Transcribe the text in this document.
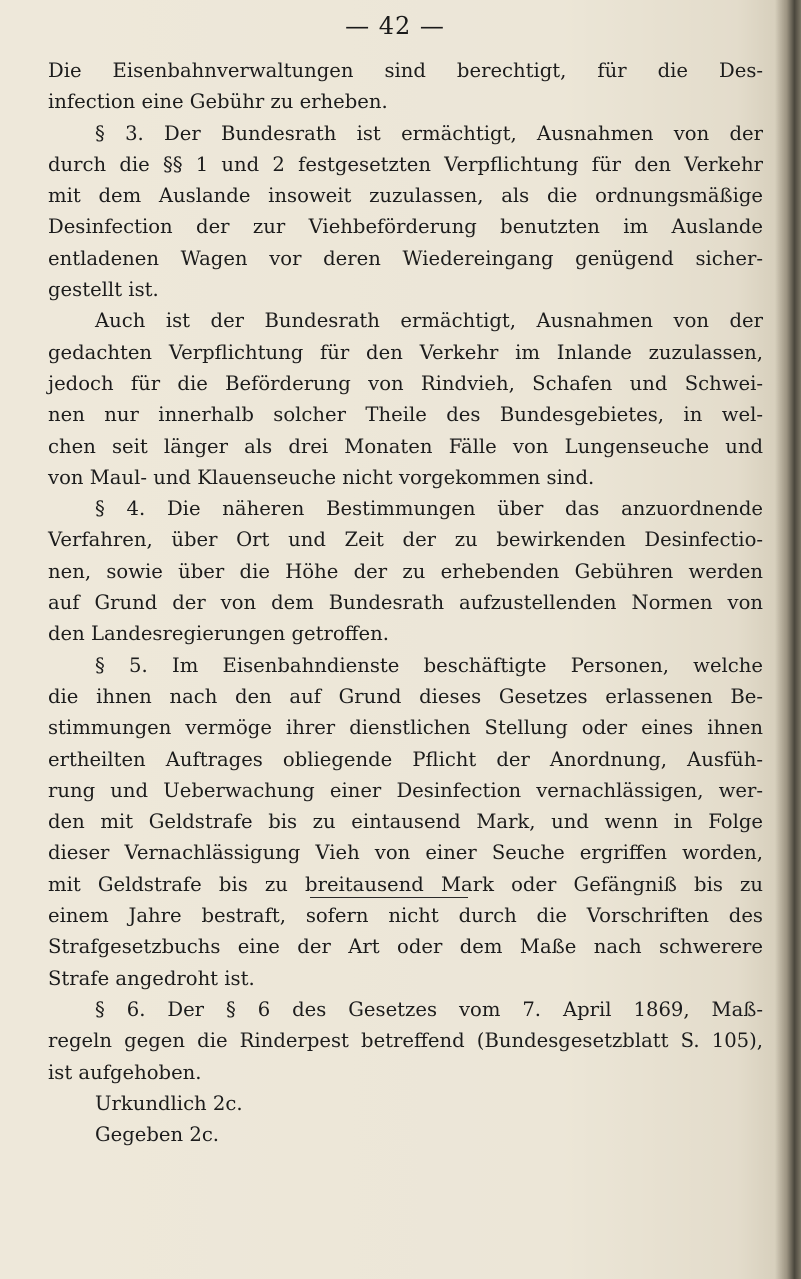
— 42 —
Die Eisenbahnverwaltungen sind berechtigt, für die Des-
infection eine Gebühr zu erheben.
§ 3. Der Bundesrath ist ermächtigt, Ausnahmen von der
durch die §§ 1 und 2 festgesetzten Verpflichtung für den Verkehr
mit dem Auslande insoweit zuzulassen, als die ordnungsmäßige
Desinfection der zur Viehbeförderung benutzten im Auslande
entladenen Wagen vor deren Wiedereingang genügend sicher-
gestellt ist.
Auch ist der Bundesrath ermächtigt, Ausnahmen von der
gedachten Verpflichtung für den Verkehr im Inlande zuzulassen,
jedoch für die Beförderung von Rindvieh, Schafen und Schwei-
nen nur innerhalb solcher Theile des Bundesgebietes, in wel-
chen seit länger als drei Monaten Fälle von Lungenseuche und
von Maul- und Klauenseuche nicht vorgekommen sind.
§ 4. Die näheren Bestimmungen über das anzuordnende
Verfahren, über Ort und Zeit der zu bewirkenden Desinfectio-
nen, sowie über die Höhe der zu erhebenden Gebühren werden
auf Grund der von dem Bundesrath aufzustellenden Normen von
den Landesregierungen getroffen.
§ 5. Im Eisenbahndienste beschäftigte Personen, welche
die ihnen nach den auf Grund dieses Gesetzes erlassenen Be-
stimmungen vermöge ihrer dienstlichen Stellung oder eines ihnen
ertheilten Auftrages obliegende Pflicht der Anordnung, Ausfüh-
rung und Ueberwachung einer Desinfection vernachlässigen, wer-
den mit Geldstrafe bis zu eintausend Mark, und wenn in Folge
dieser Vernachlässigung Vieh von einer Seuche ergriffen worden,
mit Geldstrafe bis zu breitausend Mark oder Gefängniß bis zu
einem Jahre bestraft, sofern nicht durch die Vorschriften des
Strafgesetzbuchs eine der Art oder dem Maße nach schwerere
Strafe angedroht ist.
§ 6. Der § 6 des Gesetzes vom 7. April 1869, Maß-
regeln gegen die Rinderpest betreffend (Bundesgesetzblatt S. 105),
ist aufgehoben.
Urkundlich 2c.
Gegeben 2c.
